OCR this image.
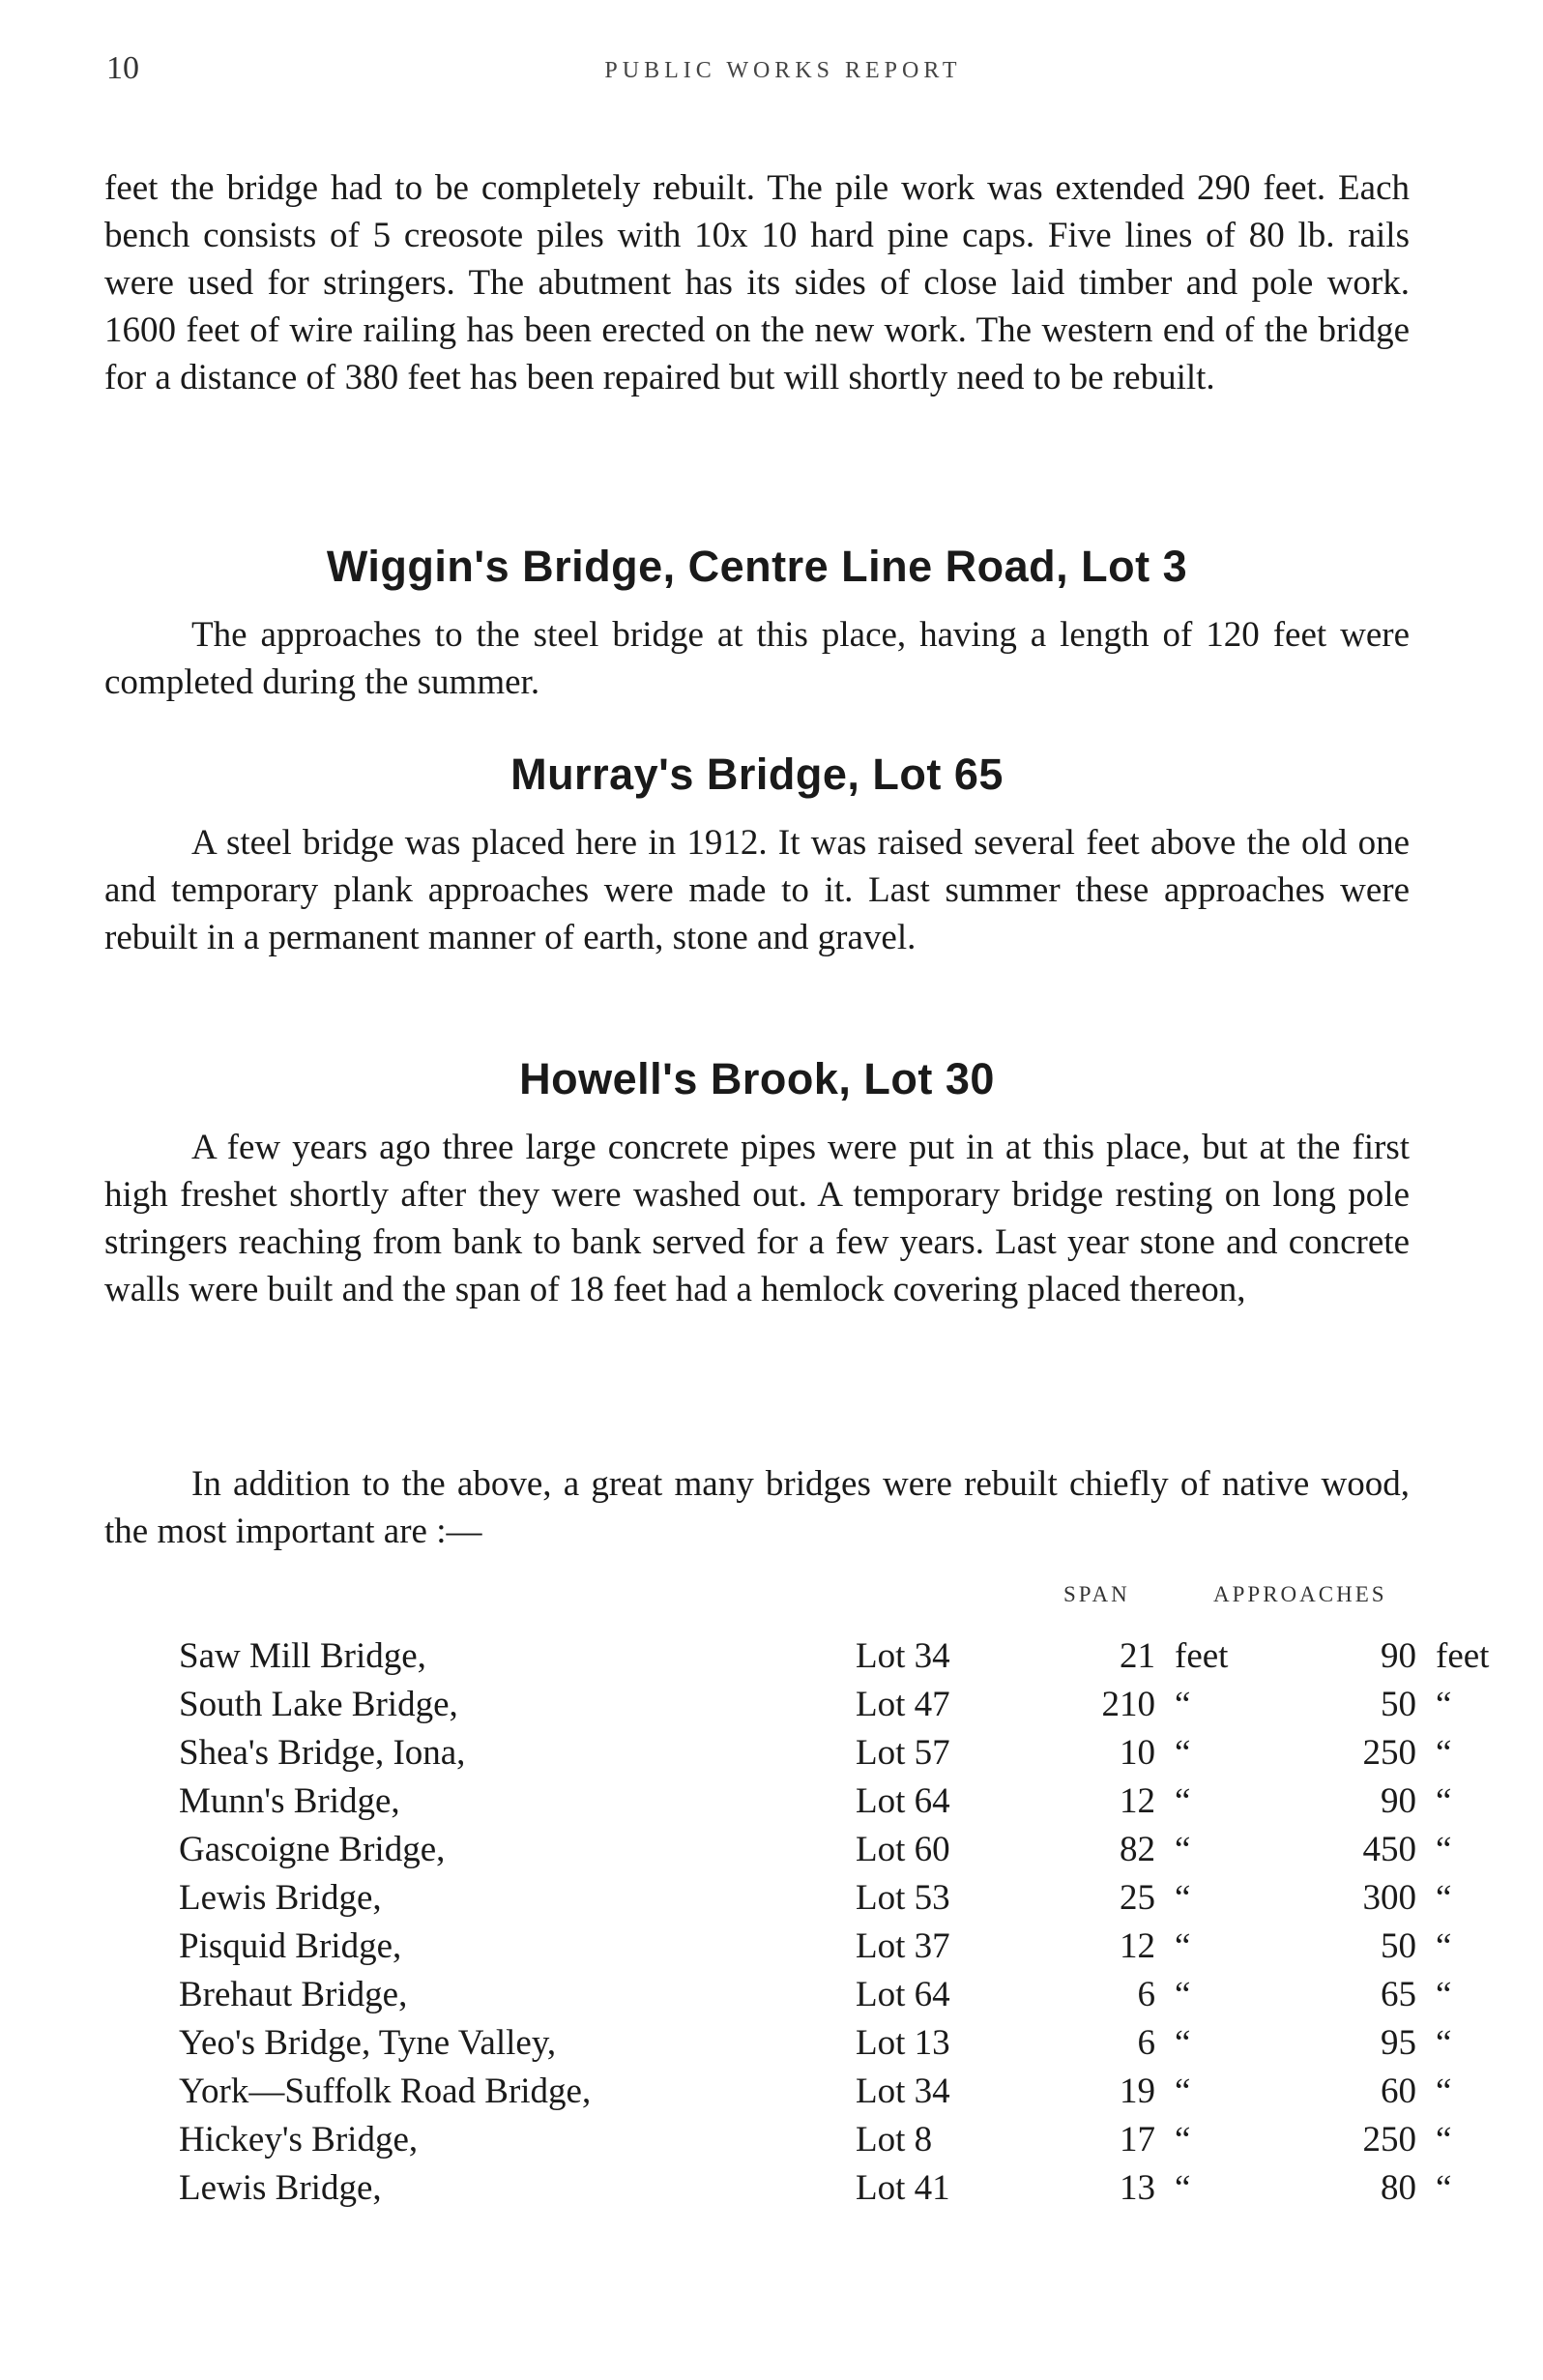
10	PUBLIC WORKS REPORT

feet the bridge had to be completely rebuilt. The pile work was extended 290 feet. Each bench consists of 5 creosote piles with 10x 10 hard pine caps. Five lines of 80 lb. rails were used for stringers. The abutment has its sides of close laid timber and pole work. 1600 feet of wire railing has been erected on the new work. The western end of the bridge for a distance of 380 feet has been repaired but will shortly need to be rebuilt.

Wiggin's Bridge, Centre Line Road, Lot 3

The approaches to the steel bridge at this place, having a length of 120 feet were completed during the summer.

Murray's Bridge, Lot 65

A steel bridge was placed here in 1912. It was raised several feet above the old one and temporary plank approaches were made to it. Last summer these approaches were rebuilt in a permanent manner of earth, stone and gravel.

Howell's Brook, Lot 30

A few years ago three large concrete pipes were put in at this place, but at the first high freshet shortly after they were washed out. A temporary bridge resting on long pole stringers reaching from bank to bank served for a few years. Last year stone and concrete walls were built and the span of 18 feet had a hemlock covering placed thereon,

In addition to the above, a great many bridges were rebuilt chiefly of native wood, the most important are :—

SPAN	APPROACHES
Saw Mill Bridge,	Lot 34	21 feet	90 feet
South Lake Bridge,	Lot 47	210 “	50 “
Shea's Bridge, Iona,	Lot 57	10 “	250 “
Munn's Bridge,	Lot 64	12 “	90 “
Gascoigne Bridge,	Lot 60	82 “	450 “
Lewis Bridge,	Lot 53	25 “	300 “
Pisquid Bridge,	Lot 37	12 “	50 “
Brehaut Bridge,	Lot 64	6 “	65 “
Yeo's Bridge, Tyne Valley,	Lot 13	6 “	95 “
York—Suffolk Road Bridge,	Lot 34	19 “	60 “
Hickey's Bridge,	Lot 8	17 “	250 “
Lewis Bridge,	Lot 41	13 “	80 “
